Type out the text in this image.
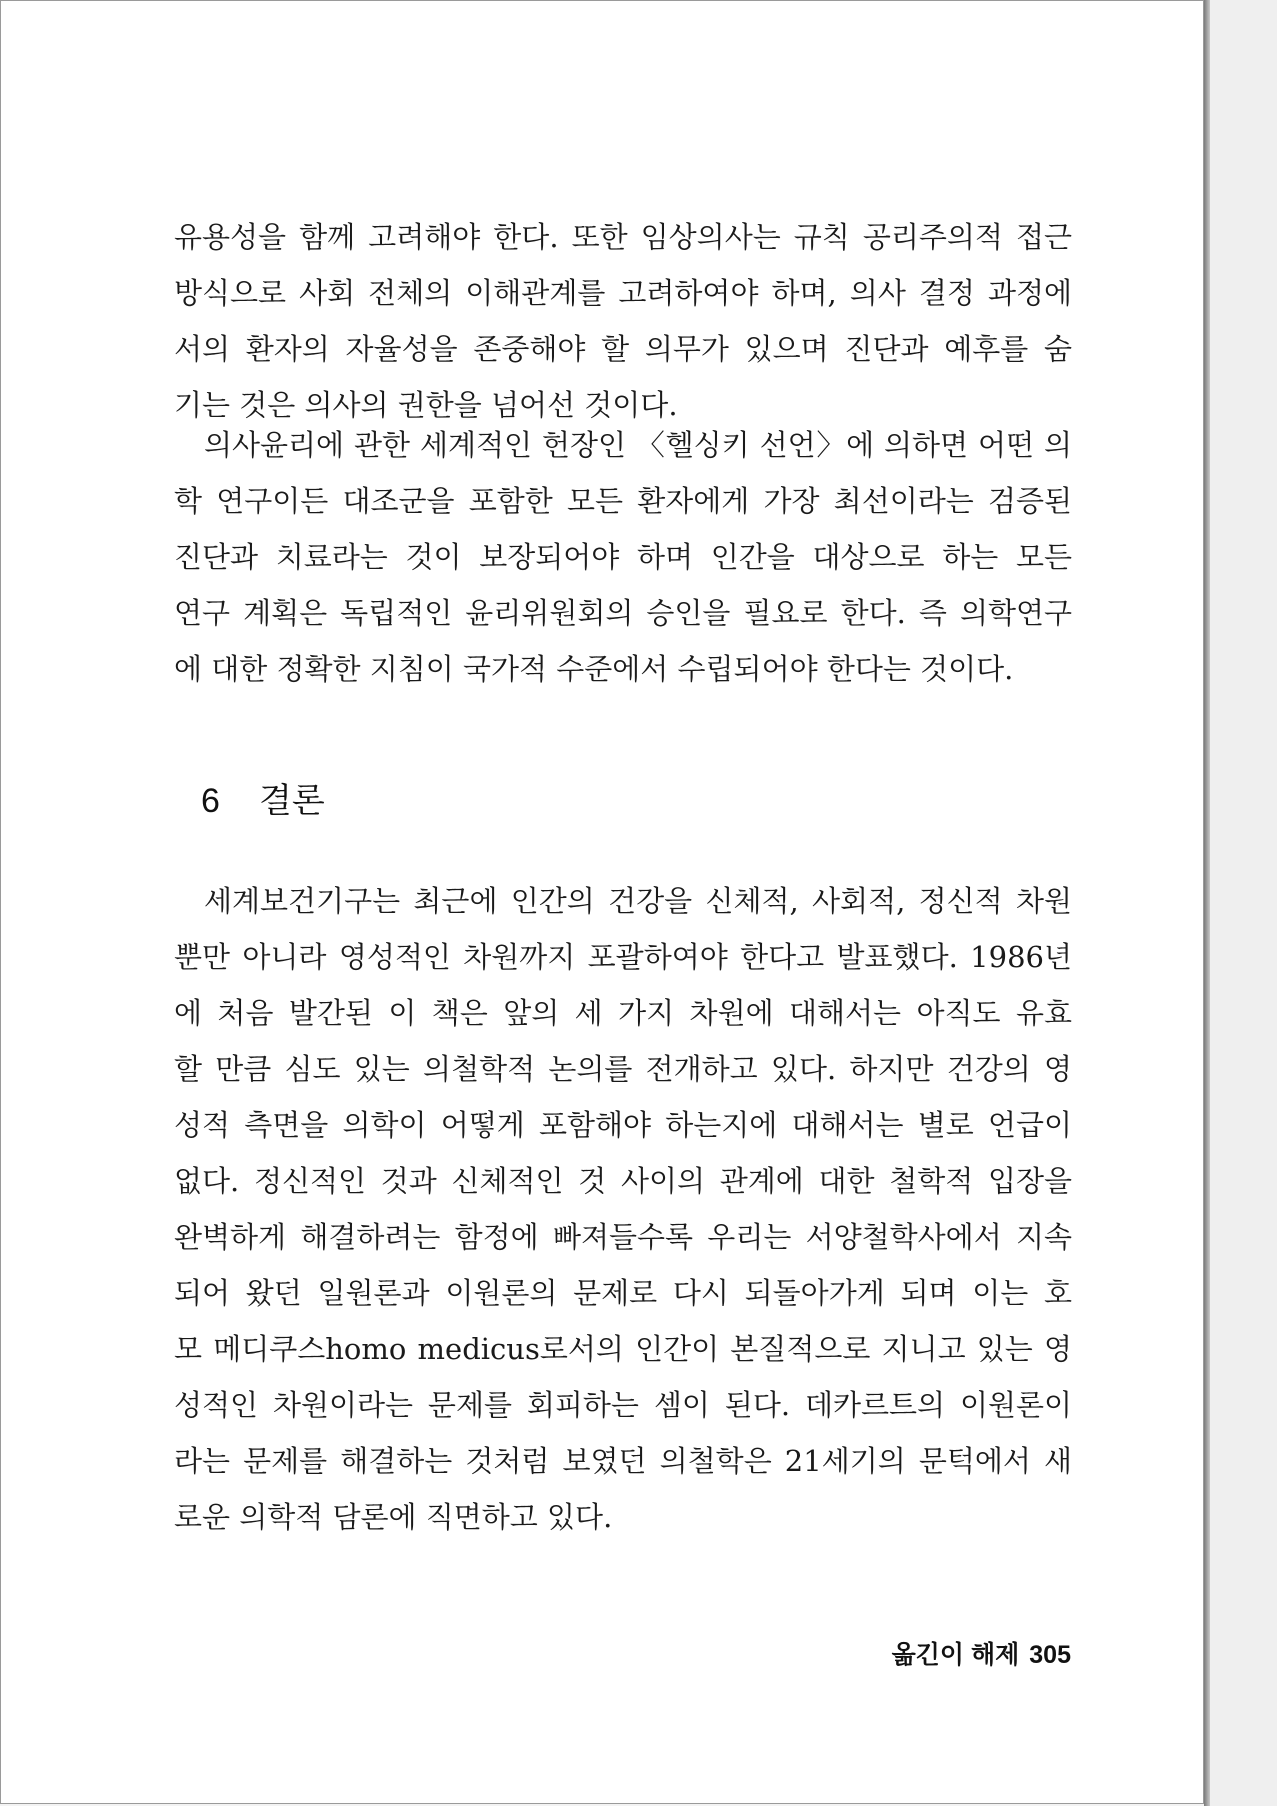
유용성을 함께 고려해야 한다. 또한 임상의사는 규칙 공리주의적 접근
방식으로 사회 전체의 이해관계를 고려하여야 하며, 의사 결정 과정에
서의 환자의 자율성을 존중해야 할 의무가 있으며 진단과 예후를 숨
기는 것은 의사의 권한을 넘어선 것이다.
의사윤리에 관한 세계적인 헌장인 〈헬싱키 선언〉에 의하면 어떤 의
학 연구이든 대조군을 포함한 모든 환자에게 가장 최선이라는 검증된
진단과 치료라는 것이 보장되어야 하며 인간을 대상으로 하는 모든
연구 계획은 독립적인 윤리위원회의 승인을 필요로 한다. 즉 의학연구
에 대한 정확한 지침이 국가적 수준에서 수립되어야 한다는 것이다.
6 결론
세계보건기구는 최근에 인간의 건강을 신체적, 사회적, 정신적 차원
뿐만 아니라 영성적인 차원까지 포괄하여야 한다고 발표했다. 1986년
에 처음 발간된 이 책은 앞의 세 가지 차원에 대해서는 아직도 유효
할 만큼 심도 있는 의철학적 논의를 전개하고 있다. 하지만 건강의 영
성적 측면을 의학이 어떻게 포함해야 하는지에 대해서는 별로 언급이
없다. 정신적인 것과 신체적인 것 사이의 관계에 대한 철학적 입장을
완벽하게 해결하려는 함정에 빠져들수록 우리는 서양철학사에서 지속
되어 왔던 일원론과 이원론의 문제로 다시 되돌아가게 되며 이는 호
모 메디쿠스homo medicus로서의 인간이 본질적으로 지니고 있는 영
성적인 차원이라는 문제를 회피하는 셈이 된다. 데카르트의 이원론이
라는 문제를 해결하는 것처럼 보였던 의철학은 21세기의 문턱에서 새
로운 의학적 담론에 직면하고 있다.
옮긴이 해제 305
